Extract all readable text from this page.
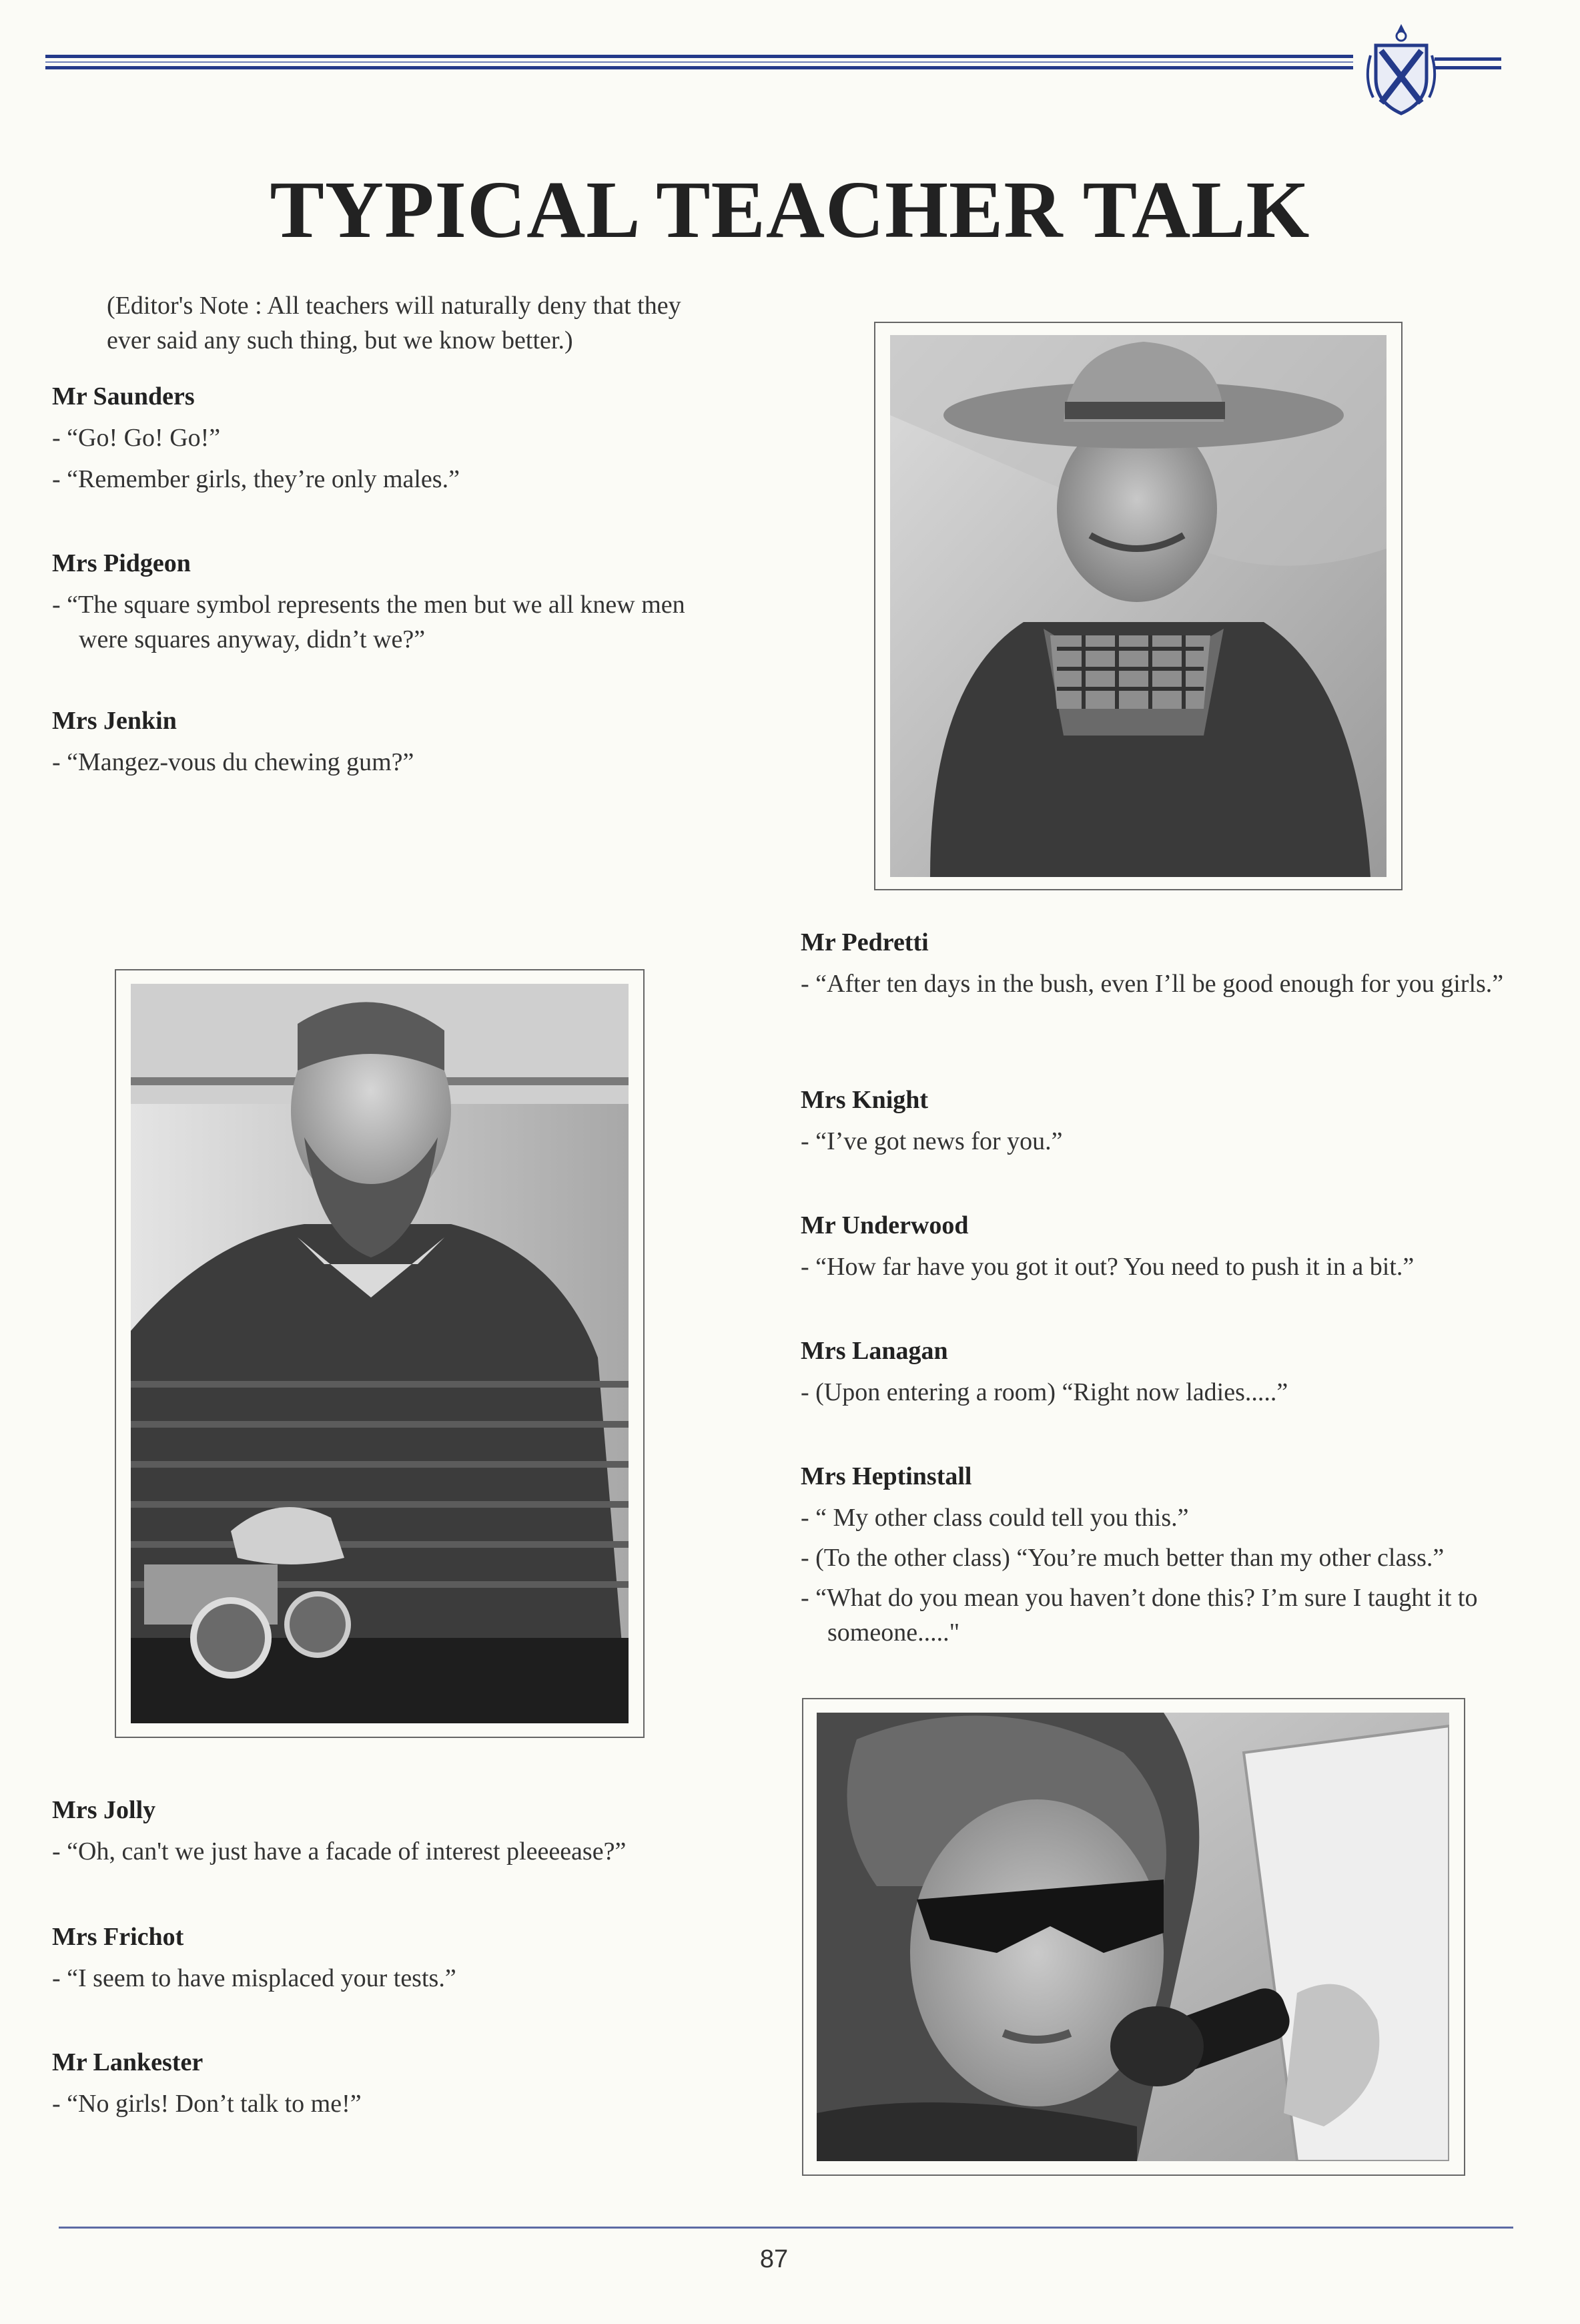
TYPICAL TEACHER TALK
(Editor's Note : All teachers will naturally deny that they ever said any such thing, but we know better.)
Mr Saunders
- “Go! Go! Go!”
- “Remember girls, they’re only males.”
Mrs Pidgeon
- “The square symbol represents the men but we all knew men were squares anyway, didn’t we?”
Mrs Jenkin
- “Mangez-vous du chewing gum?”
Mr Pedretti
- “After ten days in the bush, even I’ll be good enough for you girls.”
Mrs Knight
- “I’ve got news for you.”
Mr Underwood
- “How far have you got it out? You need to push it in a bit.”
Mrs Lanagan
- (Upon entering a room) “Right now ladies.....”
Mrs Heptinstall
- “ My other class could tell you this.”
- (To the other class) “You’re much better than my other class.”
- “What do you mean you haven’t done this? I’m sure I taught it to someone....."
Mrs Jolly
- “Oh, can't we just have a facade of interest pleeeease?”
Mrs Frichot
- “I seem to have misplaced your tests.”
Mr Lankester
- “No girls! Don’t talk to me!”
87
